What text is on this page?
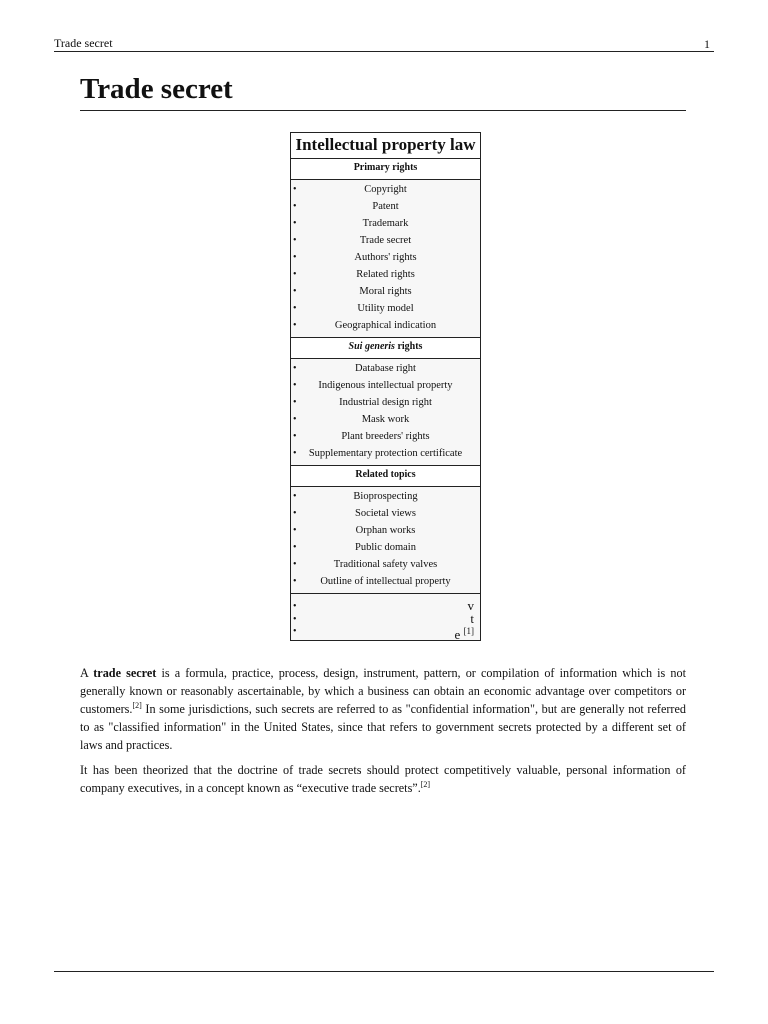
Trade secret	1
Trade secret
Intellectual property law
Primary rights
•	Copyright
•	Patent
•	Trademark
•	Trade secret
•	Authors' rights
•	Related rights
•	Moral rights
•	Utility model
•	Geographical indication
Sui generis rights
•	Database right
• Indigenous intellectual property
•	Industrial design right
•	Mask work
•	Plant breeders' rights
• Supplementary protection certificate
Related topics
•	Bioprospecting
•	Societal views
•	Orphan works
•	Public domain
•	Traditional safety valves
• Outline of intellectual property
•	v
•	t
•	e [1]

A trade secret is a formula, practice, process, design, instrument, pattern, or compilation of information which is not generally known or reasonably ascertainable, by which a business can obtain an economic advantage over competitors or customers.[2] In some jurisdictions, such secrets are referred to as "confidential information", but are generally not referred to as "classified information" in the United States, since that refers to government secrets protected by a different set of laws and practices.

It has been theorized that the doctrine of trade secrets should protect competitively valuable, personal information of company executives, in a concept known as “executive trade secrets”.[2]
